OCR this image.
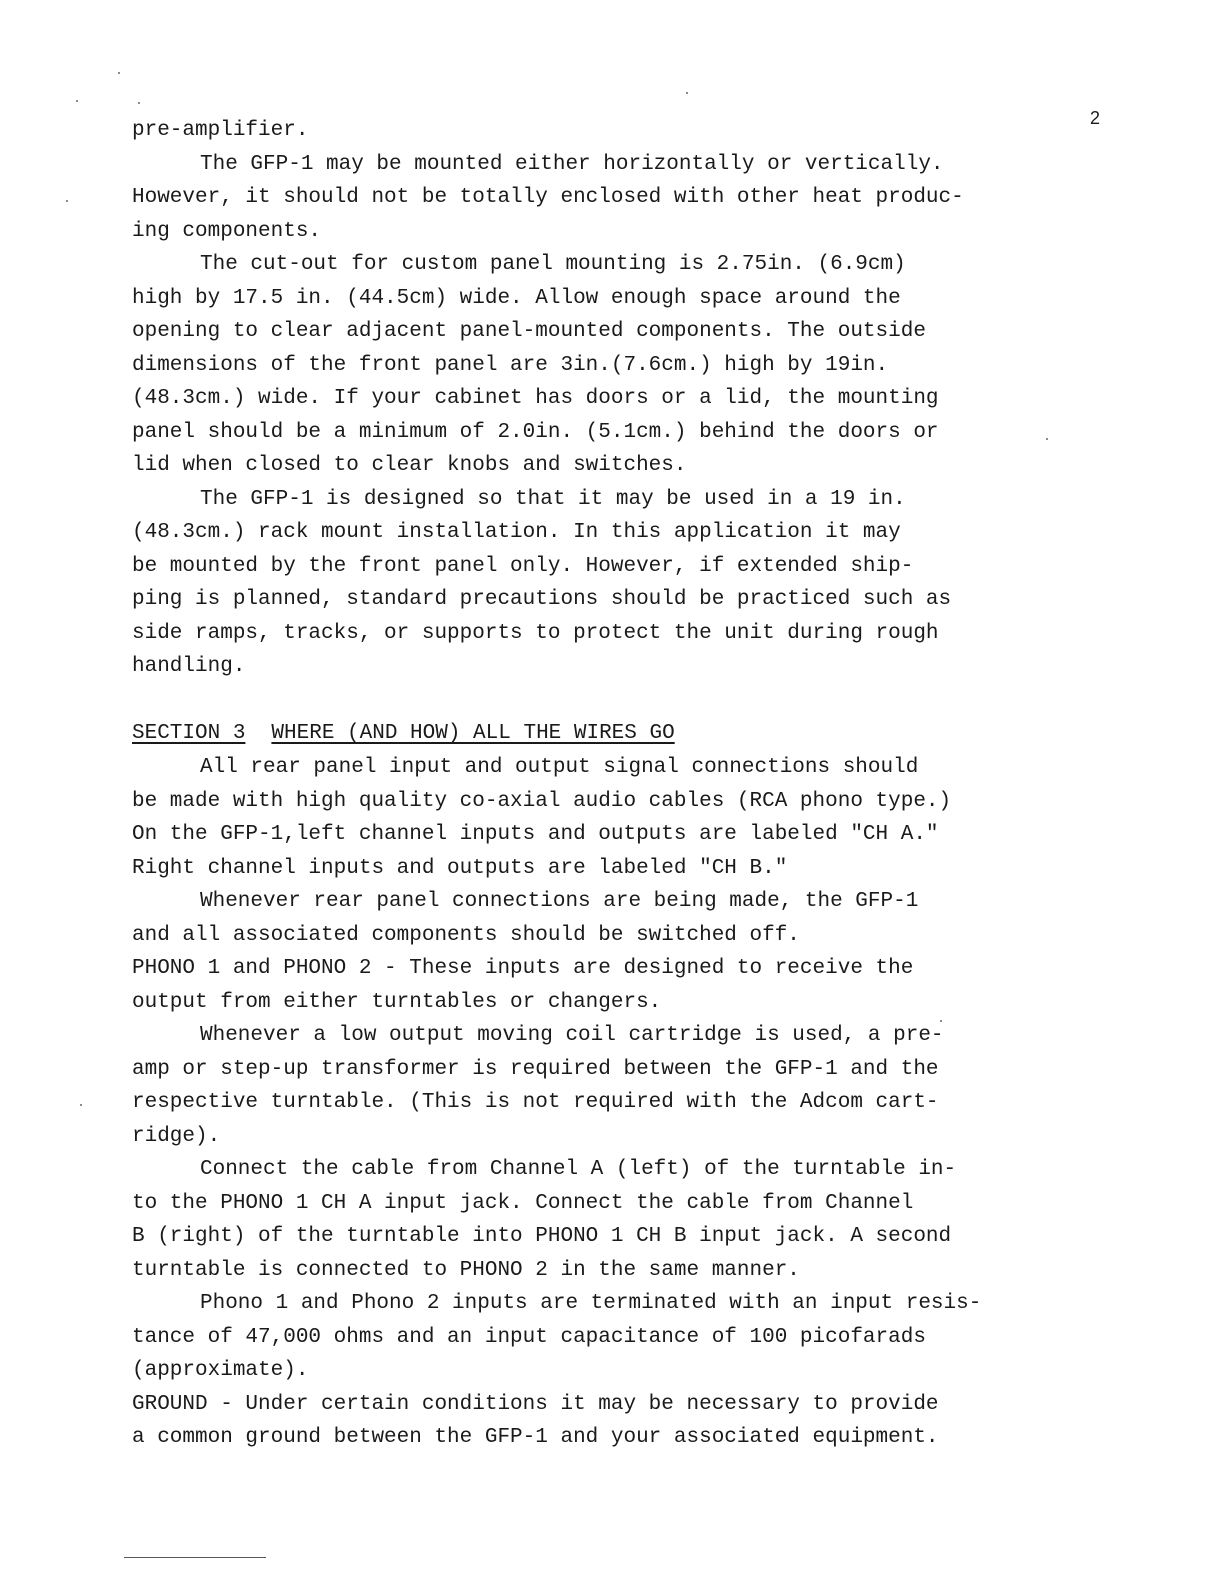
2
pre-amplifier.
The GFP-1 may be mounted either horizontally or vertically.
However, it should not be totally enclosed with other heat produc-
ing components.
The cut-out for custom panel mounting is 2.75in. (6.9cm)
high by 17.5 in. (44.5cm) wide. Allow enough space around the
opening to clear adjacent panel-mounted components. The outside
dimensions of the front panel are 3in.(7.6cm.) high by 19in.
(48.3cm.) wide. If your cabinet has doors or a lid, the mounting
panel should be a minimum of 2.0in. (5.1cm.) behind the doors or
lid when closed to clear knobs and switches.
The GFP-1 is designed so that it may be used in a 19 in.
(48.3cm.) rack mount installation. In this application it may
be mounted by the front panel only. However, if extended ship-
ping is planned, standard precautions should be practiced such as
side ramps, tracks, or supports to protect the unit during rough
handling.
SECTION 3 WHERE (AND HOW) ALL THE WIRES GO
All rear panel input and output signal connections should
be made with high quality co-axial audio cables (RCA phono type.)
On the GFP-1,left channel inputs and outputs are labeled "CH A."
Right channel inputs and outputs are labeled "CH B."
Whenever rear panel connections are being made, the GFP-1
and all associated components should be switched off.
PHONO 1 and PHONO 2 - These inputs are designed to receive the
output from either turntables or changers.
Whenever a low output moving coil cartridge is used, a pre-
amp or step-up transformer is required between the GFP-1 and the
respective turntable. (This is not required with the Adcom cart-
ridge).
Connect the cable from Channel A (left) of the turntable in-
to the PHONO 1 CH A input jack. Connect the cable from Channel
B (right) of the turntable into PHONO 1 CH B input jack. A second
turntable is connected to PHONO 2 in the same manner.
Phono 1 and Phono 2 inputs are terminated with an input resis-
tance of 47,000 ohms and an input capacitance of 100 picofarads
(approximate).
GROUND - Under certain conditions it may be necessary to provide
a common ground between the GFP-1 and your associated equipment.
